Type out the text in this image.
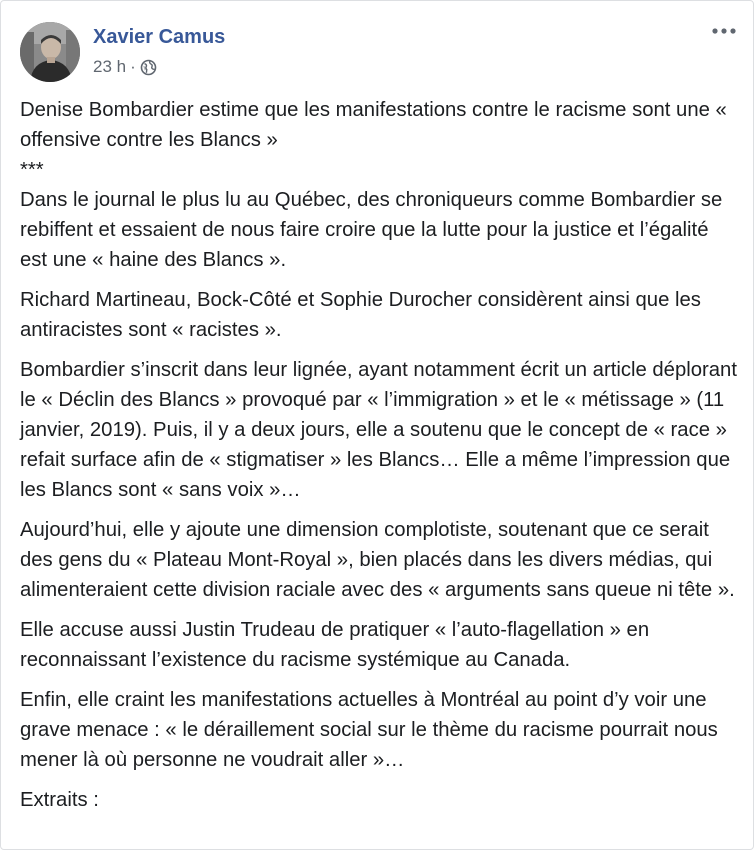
Xavier Camus
23 h ·

Denise Bombardier estime que les manifestations contre le racisme sont une « offensive contre les Blancs »
***
Dans le journal le plus lu au Québec, des chroniqueurs comme Bombardier se rebiffent et essaient de nous faire croire que la lutte pour la justice et l’égalité est une « haine des Blancs ».

Richard Martineau, Bock-Côté et Sophie Durocher considèrent ainsi que les antiracistes sont « racistes ».

Bombardier s’inscrit dans leur lignée, ayant notamment écrit un article déplorant le « Déclin des Blancs » provoqué par « l’immigration » et le « métissage » (11 janvier, 2019). Puis, il y a deux jours, elle a soutenu que le concept de « race » refait surface afin de « stigmatiser » les Blancs… Elle a même l’impression que les Blancs sont « sans voix »…

Aujourd’hui, elle y ajoute une dimension complotiste, soutenant que ce serait des gens du « Plateau Mont-Royal », bien placés dans les divers médias, qui alimenteraient cette division raciale avec des « arguments sans queue ni tête ».

Elle accuse aussi Justin Trudeau de pratiquer « l’auto-flagellation » en reconnaissant l’existence du racisme systémique au Canada.

Enfin, elle craint les manifestations actuelles à Montréal au point d’y voir une grave menace : « le déraillement social sur le thème du racisme pourrait nous mener là où personne ne voudrait aller »…

Extraits :
